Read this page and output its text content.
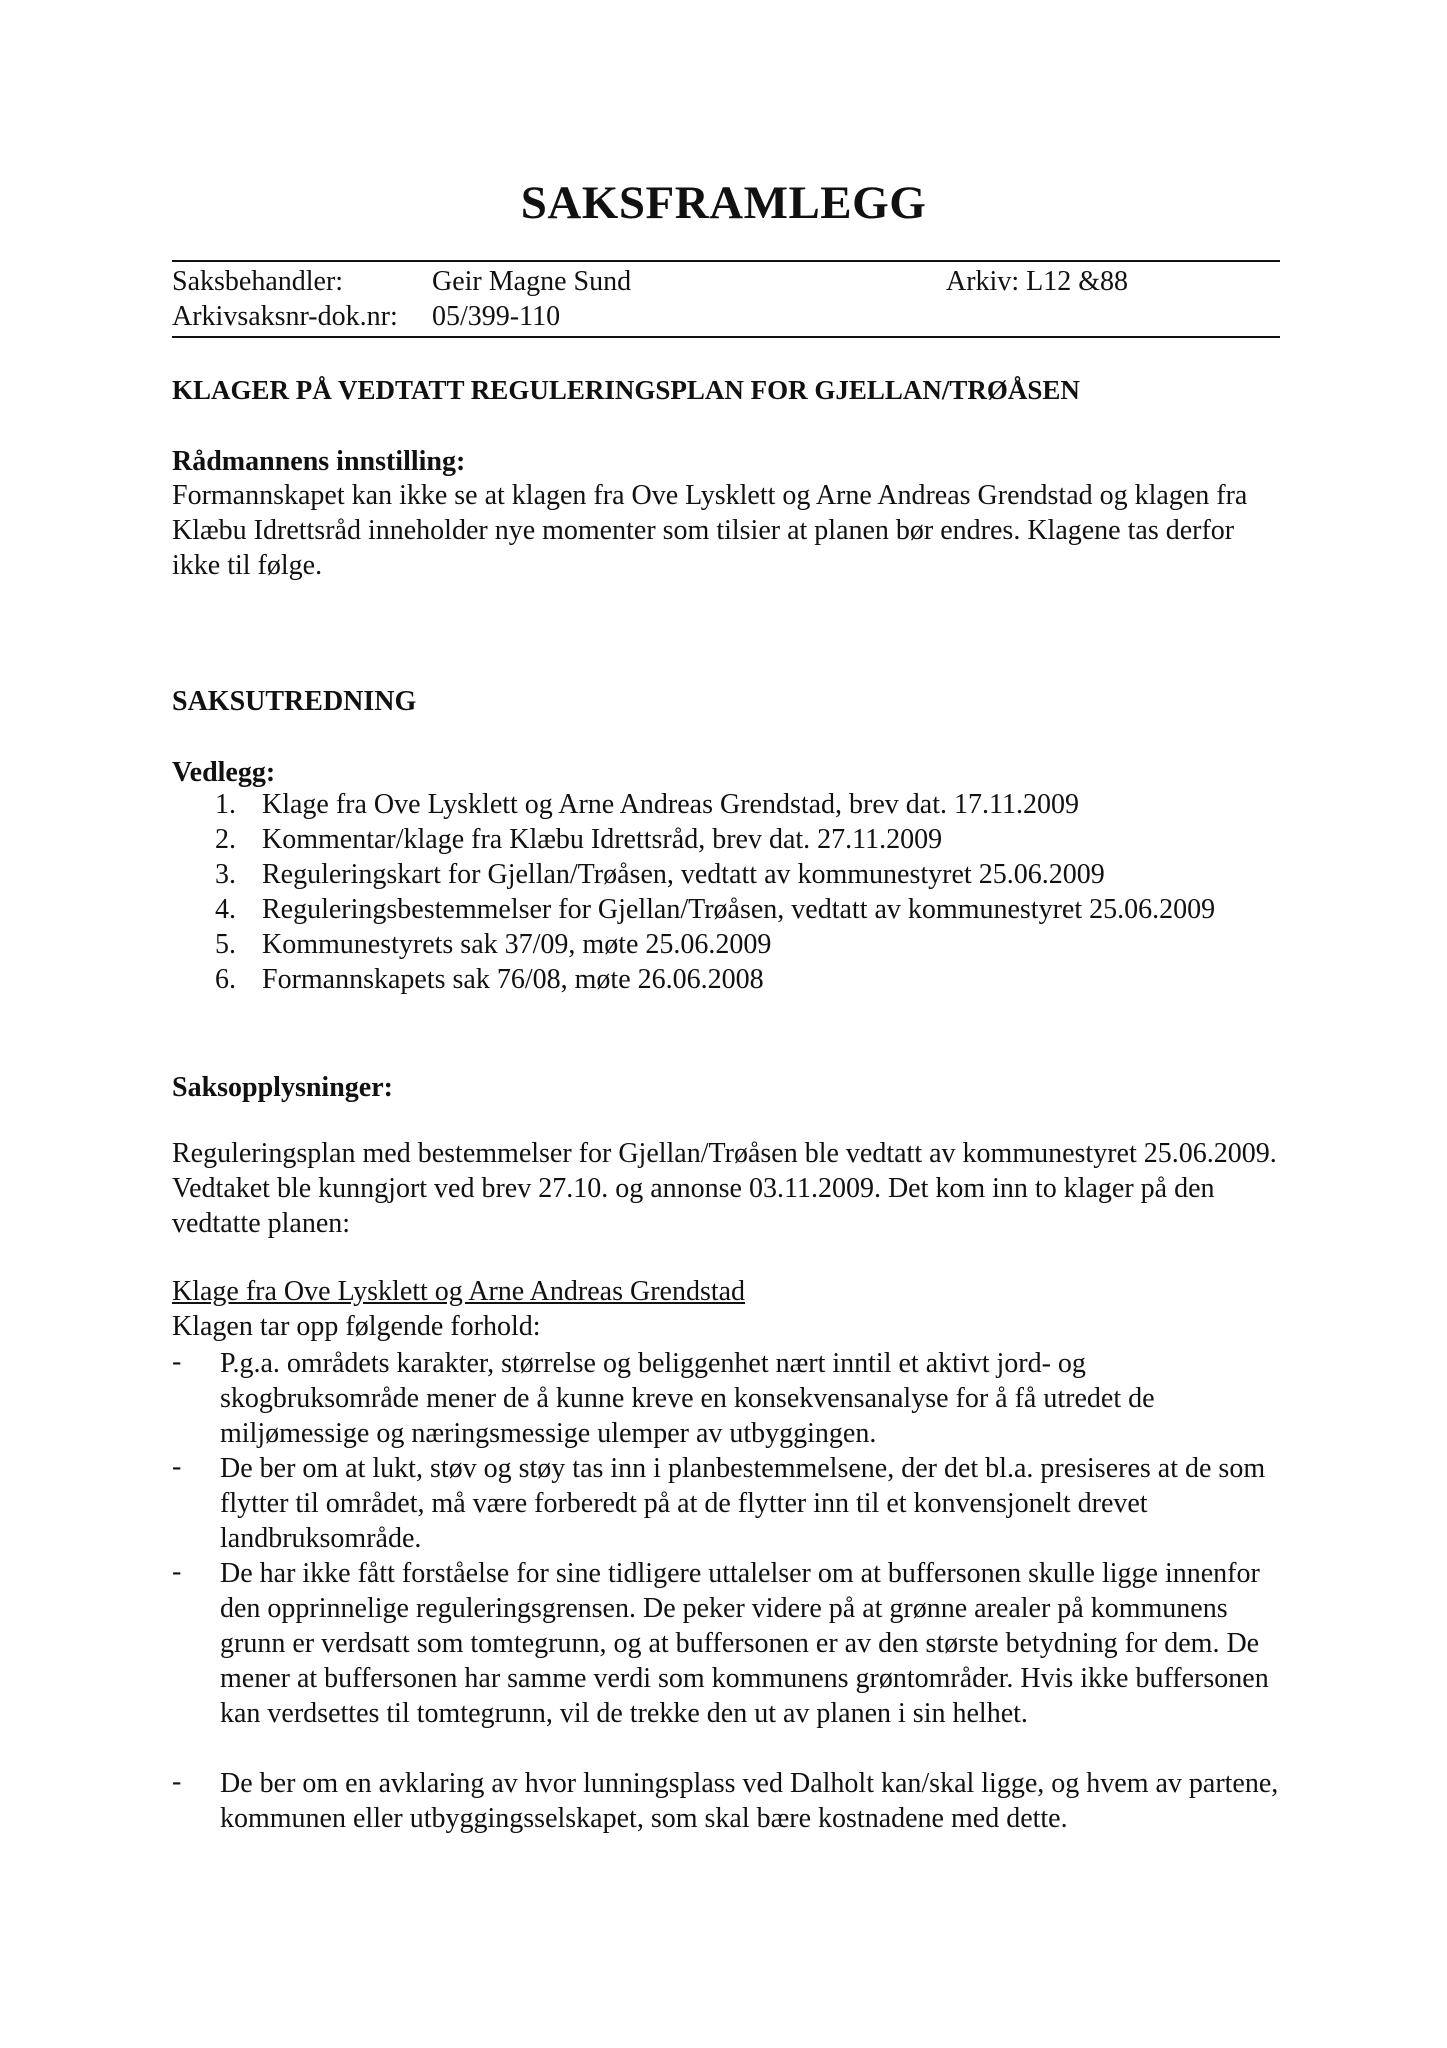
SAKSFRAMLEGG
Saksbehandler:	Geir Magne Sund	Arkiv: L12 &88
Arkivsaksnr-dok.nr: 05/399-110
KLAGER PÅ VEDTATT REGULERINGSPLAN FOR GJELLAN/TRØÅSEN
Rådmannens innstilling:
Formannskapet kan ikke se at klagen fra Ove Lysklett og Arne Andreas Grendstad og klagen fra Klæbu Idrettsråd inneholder nye momenter som tilsier at planen bør endres. Klagene tas derfor ikke til følge.
SAKSUTREDNING
Vedlegg:
1. Klage fra Ove Lysklett og Arne Andreas Grendstad, brev dat. 17.11.2009
2. Kommentar/klage fra Klæbu Idrettsråd, brev dat. 27.11.2009
3. Reguleringskart for Gjellan/Trøåsen, vedtatt av kommunestyret 25.06.2009
4. Reguleringsbestemmelser for Gjellan/Trøåsen, vedtatt av kommunestyret 25.06.2009
5. Kommunestyrets sak 37/09, møte 25.06.2009
6. Formannskapets sak 76/08, møte 26.06.2008
Saksopplysninger:
Reguleringsplan med bestemmelser for Gjellan/Trøåsen ble vedtatt av kommunestyret 25.06.2009. Vedtaket ble kunngjort ved brev 27.10. og annonse 03.11.2009. Det kom inn to klager på den vedtatte planen:
Klage fra Ove Lysklett og Arne Andreas Grendstad
Klagen tar opp følgende forhold:
- P.g.a. områdets karakter, størrelse og beliggenhet nært inntil et aktivt jord- og skogbruksområde mener de å kunne kreve en konsekvensanalyse for å få utredet de miljømessige og næringsmessige ulemper av utbyggingen.
- De ber om at lukt, støv og støy tas inn i planbestemmelsene, der det bl.a. presiseres at de som flytter til området, må være forberedt på at de flytter inn til et konvensjonelt drevet landbruksområde.
- De har ikke fått forståelse for sine tidligere uttalelser om at buffersonen skulle ligge innenfor den opprinnelige reguleringsgrensen. De peker videre på at grønne arealer på kommunens grunn er verdsatt som tomtegrunn, og at buffersonen er av den største betydning for dem. De mener at buffersonen har samme verdi som kommunens grøntområder. Hvis ikke buffersonen kan verdsettes til tomtegrunn, vil de trekke den ut av planen i sin helhet.
- De ber om en avklaring av hvor lunningsplass ved Dalholt kan/skal ligge, og hvem av partene, kommunen eller utbyggingsselskapet, som skal bære kostnadene med dette.
